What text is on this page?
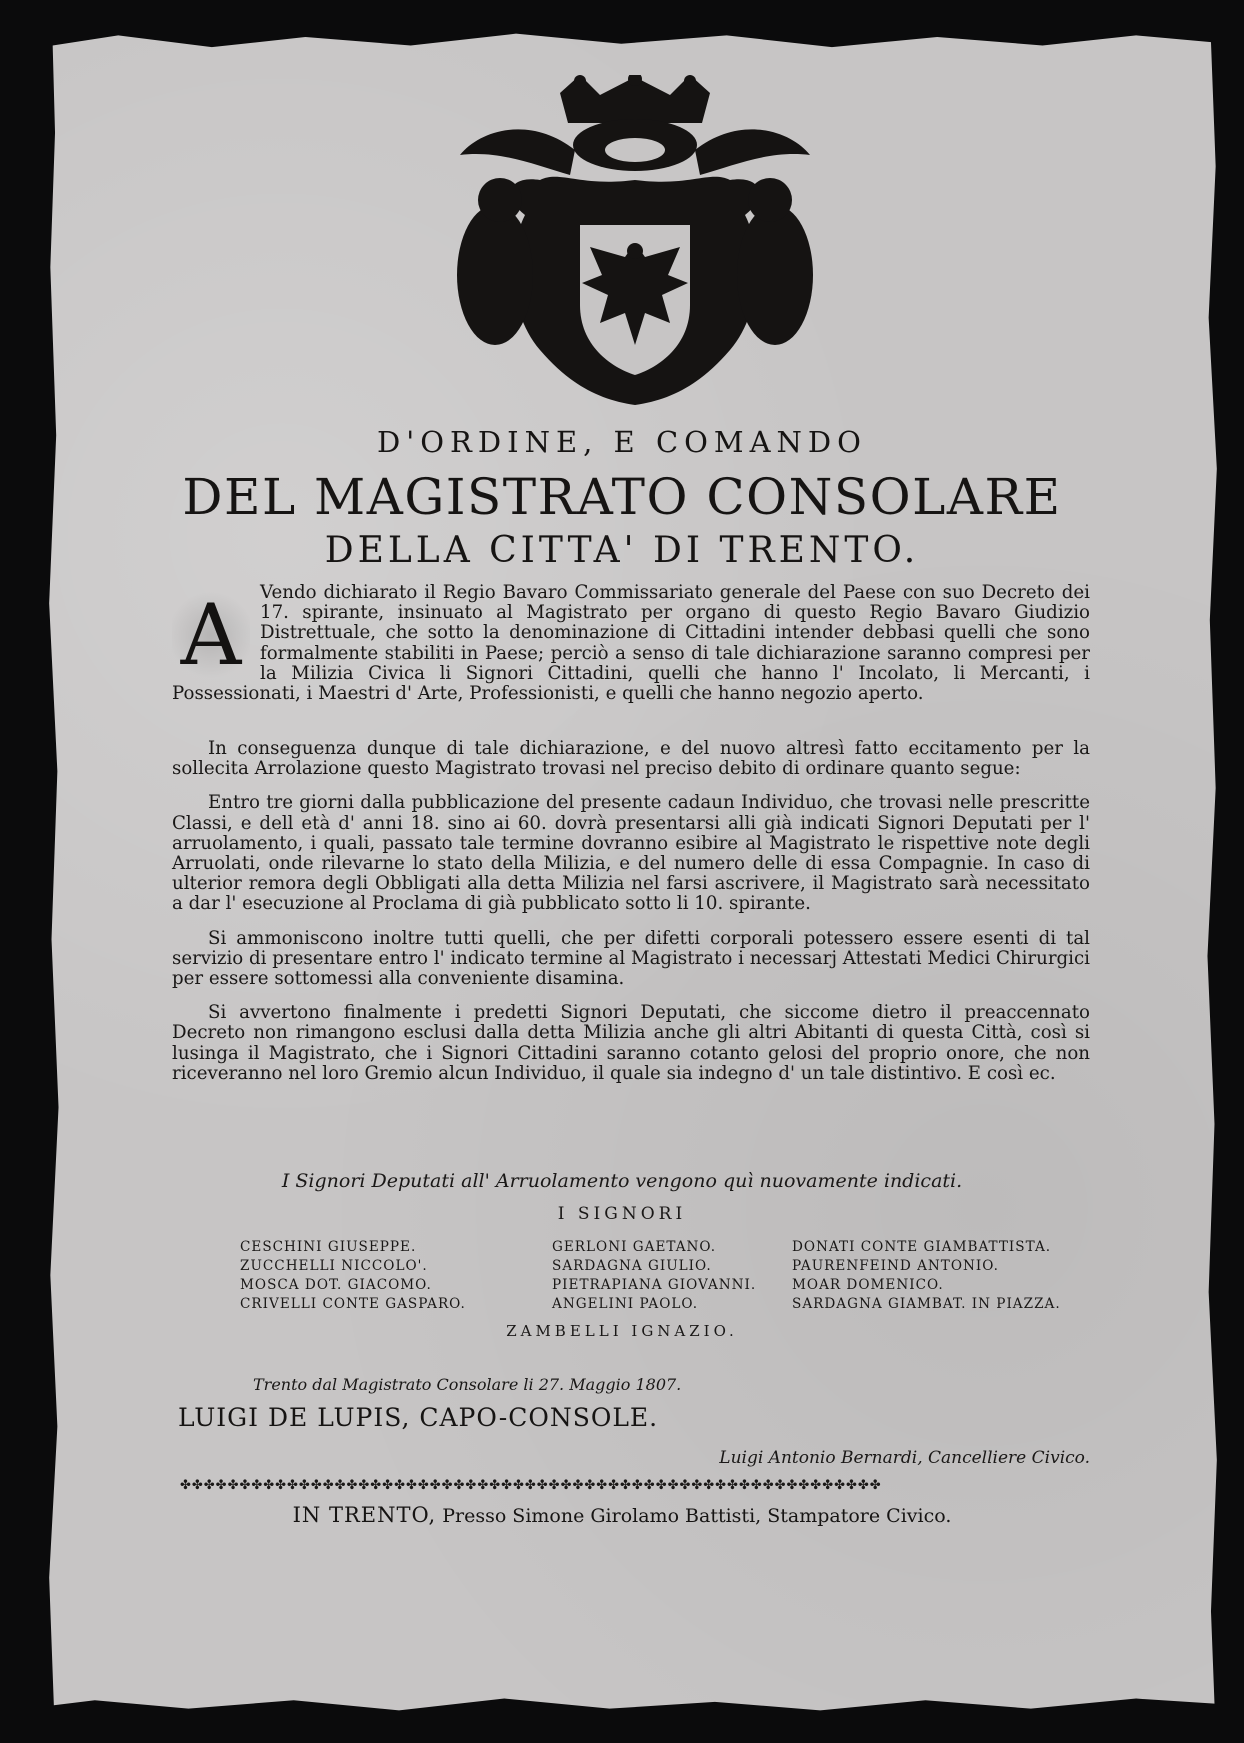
D'ORDINE, E COMANDO
DEL MAGISTRATO CONSOLARE
DELLA CITTA' DI TRENTO.

A	Vendo dichiarato il Regio Bavaro Commissariato generale del Paese con suo Decreto dei 17. spirante, insinuato al Magistrato per organo di questo Regio Bavaro Giudizio Distrettuale, che sotto la denominazione di Cittadini intender debbasi quelli che sono formalmente stabiliti in Paese; perciò a senso di tale dichiarazione saranno compresi per la Milizia Civica li Signori Cittadini, quelli che hanno l' Incolato, li Mercanti, i Possessionati, i Maestri d' Arte, Professionisti, e quelli che hanno negozio aperto.

In conseguenza dunque di tale dichiarazione, e del nuovo altresì fatto eccitamento per la sollecita Arrolazione questo Magistrato trovasi nel preciso debito di ordinare quanto segue:

Entro tre giorni dalla pubblicazione del presente cadaun Individuo, che trovasi nelle prescritte Classi, e dell età d' anni 18. sino ai 60. dovrà presentarsi alli già indicati Signori Deputati per l' arruolamento, i quali, passato tale termine dovranno esibire al Magistrato le rispettive note degli Arruolati, onde rilevarne lo stato della Milizia, e del numero delle di essa Compagnie. In caso di ulterior remora degli Obbligati alla detta Milizia nel farsi ascrivere, il Magistrato sarà necessitato a dar l' esecuzione al Proclama di già pubblicato sotto li 10. spirante.

Si ammoniscono inoltre tutti quelli, che per difetti corporali potessero essere esenti di tal servizio di presentare entro l' indicato termine al Magistrato i necessarj Attestati Medici Chirurgici per essere sottomessi alla conveniente disamina.

Si avvertono finalmente i predetti Signori Deputati, che siccome dietro il preaccennato Decreto non rimangono esclusi dalla detta Milizia anche gli altri Abitanti di questa Città, così si lusinga il Magistrato, che i Signori Cittadini saranno cotanto gelosi del proprio onore, che non riceveranno nel loro Gremio alcun Individuo, il quale sia indegno d' un tale distintivo. E così ec.

I Signori Deputati all' Arruolamento vengono quì nuovamente indicati.
I SIGNORI
CESCHINI GIUSEPPE.	GERLONI GAETANO.	DONATI CONTE GIAMBATTISTA.
ZUCCHELLI NICCOLO'.	SARDAGNA GIULIO.	PAURENFEIND ANTONIO.
MOSCA DOT. GIACOMO.	PIETRAPIANA GIOVANNI.	MOAR DOMENICO.
CRIVELLI CONTE GASPARO.	ANGELINI PAOLO.	SARDAGNA GIAMBAT. IN PIAZZA.
ZAMBELLI IGNAZIO.
Trento dal Magistrato Consolare li 27. Maggio 1807.
LUIGI DE LUPIS, CAPO-CONSOLE.
Luigi Antonio Bernardi, Cancelliere Civico.
✤✤✤✤✤✤✤✤✤✤✤✤✤✤✤✤✤✤✤✤✤✤✤✤✤✤✤✤✤✤✤✤✤✤✤✤✤✤✤✤✤✤✤✤✤✤✤✤✤✤✤✤✤✤✤✤✤✤✤
IN TRENTO, Presso Simone Girolamo Battisti, Stampatore Civico.
